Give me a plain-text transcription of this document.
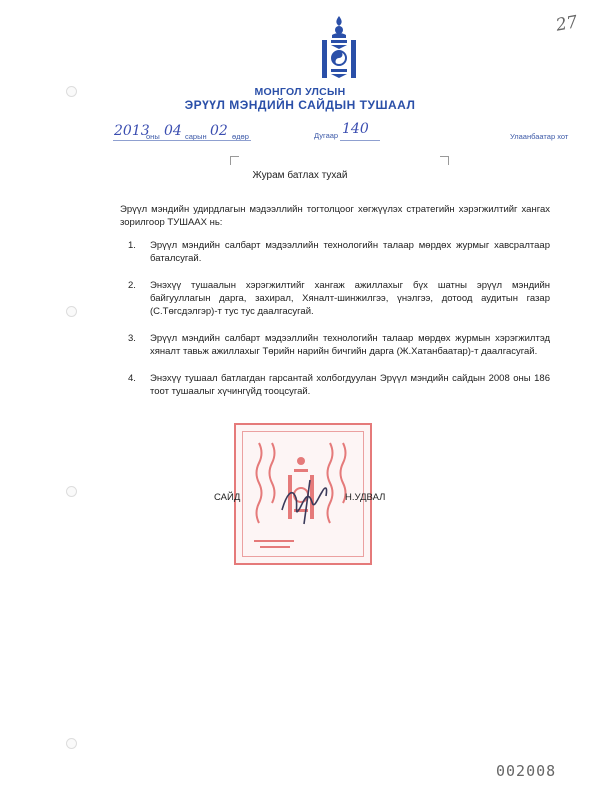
27
МОНГОЛ УЛСЫН
ЭРҮҮЛ МЭНДИЙН САЙДЫН ТУШААЛ
2013
оны 04 сарын 02 өдөр	Дугаар 140	Улаанбаатар хот
Журам батлах тухай

Эрүүл мэндийн удирдлагын мэдээллийн тогтолцоог хөгжүүлэх стратегийн хэрэгжилтийг хангах зорилгоор ТУШААХ нь:

1.	Эрүүл мэндийн салбарт мэдээллийн технологийн талаар мөрдөх журмыг хавсралтаар баталсугай.
2.	Энэхүү тушаалын хэрэгжилтийг хангаж ажиллахыг бүх шатны эрүүл мэндийн байгууллагын дарга, захирал, Хяналт-шинжилгээ, үнэлгээ, дотоод аудитын газар (С.Төгсдэлгэр)-т тус тус даалгасугай.
3.	Эрүүл мэндийн салбарт мэдээллийн технологийн талаар мөрдөх журмын хэрэгжилтэд хяналт тавьж ажиллахыг Төрийн нарийн бичгийн дарга (Ж.Хатанбаатар)-т даалгасугай.
4.	Энэхүү тушаал батлагдан гарсантай холбогдуулан Эрүүл мэндийн сайдын 2008 оны 186 тоот тушаалыг хүчингүйд тооцсугай.
САЙД	Н.УДВАЛ
002008
